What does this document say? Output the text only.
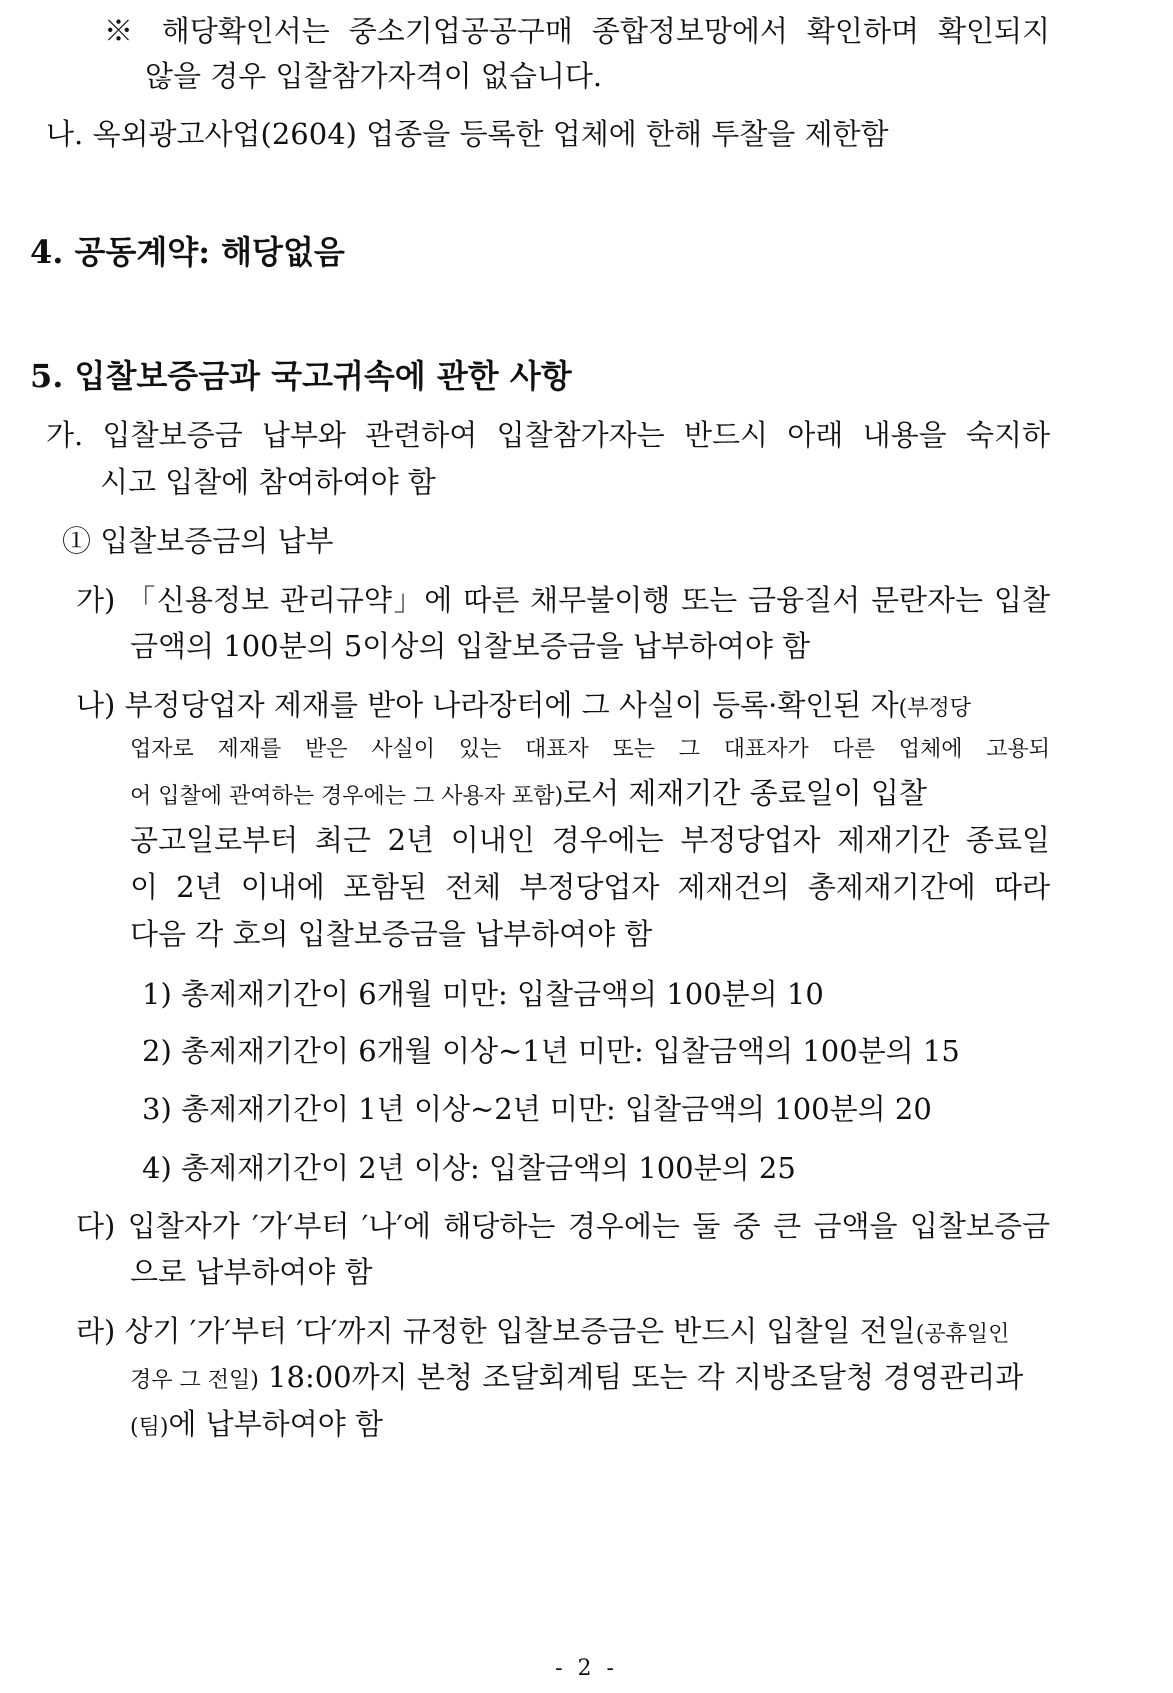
※ 해당확인서는 중소기업공공구매 종합정보망에서 확인하며 확인되지
않을 경우 입찰참가자격이 없습니다.
나. 옥외광고사업(2604) 업종을 등록한 업체에 한해 투찰을 제한함
4. 공동계약: 해당없음
5. 입찰보증금과 국고귀속에 관한 사항
가. 입찰보증금 납부와 관련하여 입찰참가자는 반드시 아래 내용을 숙지하
시고 입찰에 참여하여야 함
① 입찰보증금의 납부
가) 「신용정보 관리규약」에 따른 채무불이행 또는 금융질서 문란자는 입찰
금액의 100분의 5이상의 입찰보증금을 납부하여야 함
나) 부정당업자 제재를 받아 나라장터에 그 사실이 등록·확인된 자(부정당
업자로 제재를 받은 사실이 있는 대표자 또는 그 대표자가 다른 업체에 고용되
어 입찰에 관여하는 경우에는 그 사용자 포함)로서 제재기간 종료일이 입찰
공고일로부터 최근 2년 이내인 경우에는 부정당업자 제재기간 종료일
이 2년 이내에 포함된 전체 부정당업자 제재건의 총제재기간에 따라
다음 각 호의 입찰보증금을 납부하여야 함
1) 총제재기간이 6개월 미만: 입찰금액의 100분의 10
2) 총제재기간이 6개월 이상~1년 미만: 입찰금액의 100분의 15
3) 총제재기간이 1년 이상~2년 미만: 입찰금액의 100분의 20
4) 총제재기간이 2년 이상: 입찰금액의 100분의 25
다) 입찰자가 ′가′부터 ′나′에 해당하는 경우에는 둘 중 큰 금액을 입찰보증금
으로 납부하여야 함
라) 상기 ′가′부터 ′다′까지 규정한 입찰보증금은 반드시 입찰일 전일(공휴일인
경우 그 전일) 18:00까지 본청 조달회계팀 또는 각 지방조달청 경영관리과
(팀)에 납부하여야 함
- 2 -
